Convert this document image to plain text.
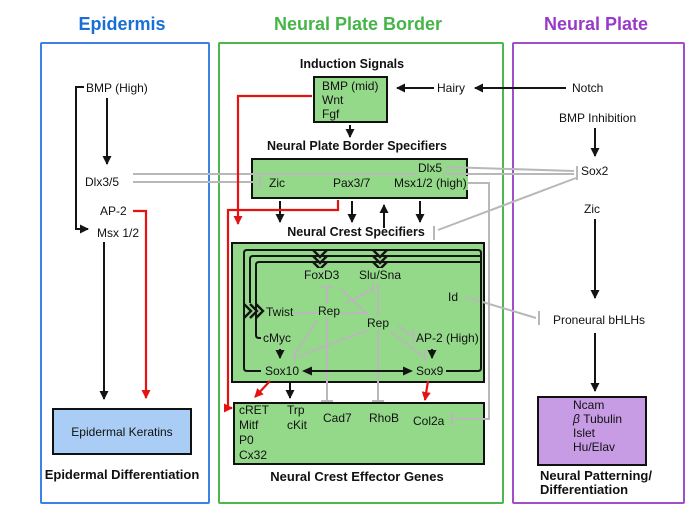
Epidermis	Neural Plate Border	Neural Plate
BMP (High)
Dlx3/5
AP-2
Msx 1/2
Epidermal Keratins
Epidermal Differentiation
Induction Signals
BMP (mid)
Wnt
Fgf
Hairy
Neural Plate Border Specifiers
Dlx5
Zic	Pax3/7 Msx1/2 (high)
Neural Crest Specifiers
FoxD3 Slu/Sna
Twist Rep
Rep
cMyc
Id
AP-2 (High)
Sox10	Sox9
cRET
Mitf
P0
Cx32
Trp
cKit Cad7 RhoB Col2a
Neural Crest Effector Genes
Notch
BMP Inhibition
Sox2
Zic
Proneural bHLHs
Ncam
β Tubulin
Islet
Hu/Elav
Neural Patterning/
Differentiation
